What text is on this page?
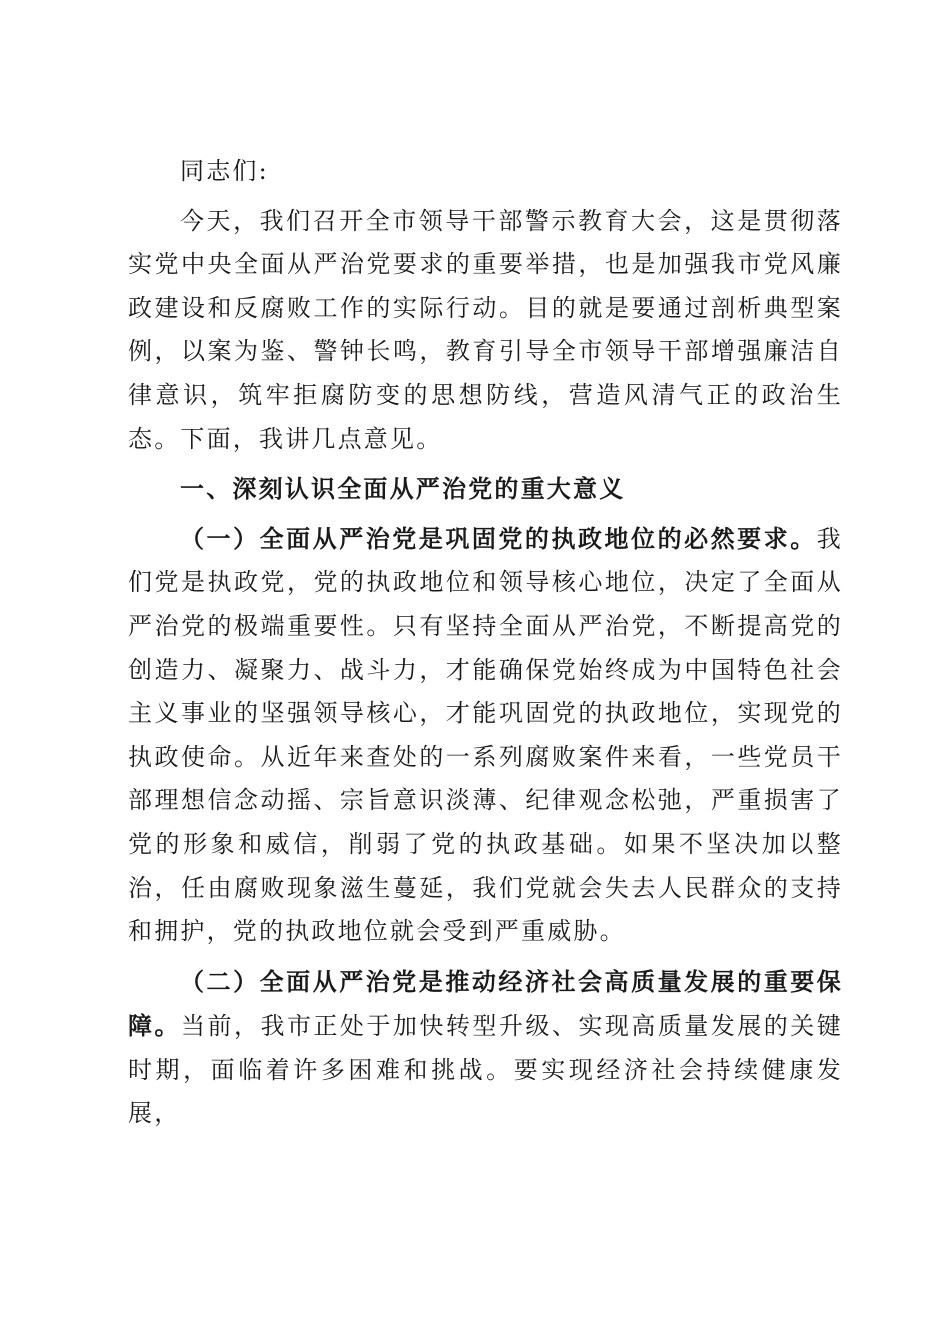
同志们:

今天，我们召开全市领导干部警示教育大会，这是贯彻落实党中央全面从严治党要求的重要举措，也是加强我市党风廉政建设和反腐败工作的实际行动。目的就是要通过剖析典型案例，以案为鉴、警钟长鸣，教育引导全市领导干部增强廉洁自律意识，筑牢拒腐防变的思想防线，营造风清气正的政治生态。下面，我讲几点意见。

一、深刻认识全面从严治党的重大意义

（一）全面从严治党是巩固党的执政地位的必然要求。我们党是执政党，党的执政地位和领导核心地位，决定了全面从严治党的极端重要性。只有坚持全面从严治党，不断提高党的创造力、凝聚力、战斗力，才能确保党始终成为中国特色社会主义事业的坚强领导核心，才能巩固党的执政地位，实现党的执政使命。从近年来查处的一系列腐败案件来看，一些党员干部理想信念动摇、宗旨意识淡薄、纪律观念松弛，严重损害了党的形象和威信，削弱了党的执政基础。如果不坚决加以整治，任由腐败现象滋生蔓延，我们党就会失去人民群众的支持和拥护，党的执政地位就会受到严重威胁。

（二）全面从严治党是推动经济社会高质量发展的重要保障。当前，我市正处于加快转型升级、实现高质量发展的关键时期，面临着许多困难和挑战。要实现经济社会持续健康发展，
